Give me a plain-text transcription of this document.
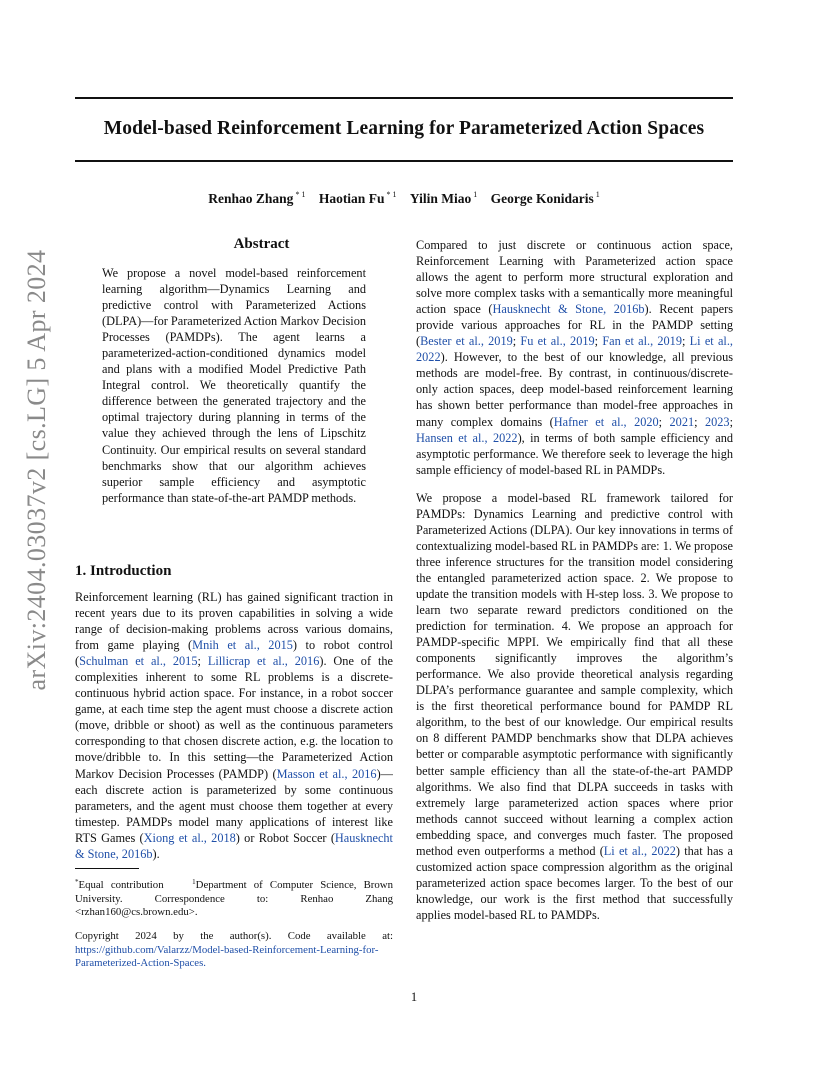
arXiv:2404.03037v2 [cs.LG] 5 Apr 2024
Model-based Reinforcement Learning for Parameterized Action Spaces
Renhao Zhang $^{* 1}$ Haotian Fu $^{* 1}$ Yilin Miao $^1$ George Konidaris $^1$
Abstract

We propose a novel model-based reinforcement learning algorithm—Dynamics Learning and predictive control with Parameterized Actions (DLPA)—for Parameterized Action Markov Decision Processes (PAMDPs). The agent learns a parameterized-action-conditioned dynamics model and plans with a modified Model Predictive Path Integral control. We theoretically quantify the difference between the generated trajectory and the optimal trajectory during planning in terms of the value they achieved through the lens of Lipschitz Continuity. Our empirical results on several standard benchmarks show that our algorithm achieves superior sample efficiency and asymptotic performance than state-of-the-art PAMDP methods.

1. Introduction

Reinforcement learning (RL) has gained significant traction in recent years due to its proven capabilities in solving a wide range of decision-making problems across various domains, from game playing (Mnih et al., 2015) to robot control (Schulman et al., 2015; Lillicrap et al., 2016). One of the complexities inherent to some RL problems is a discrete-continuous hybrid action space. For instance, in a robot soccer game, at each time step the agent must choose a discrete action (move, dribble or shoot) as well as the continuous parameters corresponding to that chosen discrete action, e.g. the location to move/dribble to. In this setting—the Parameterized Action Markov Decision Processes (PAMDP) (Masson et al., 2016)—each discrete action is parameterized by some continuous parameters, and the agent must choose them together at every timestep. PAMDPs model many applications of interest like RTS Games (Xiong et al., 2018) or Robot Soccer (Hausknecht & Stone, 2016b).

Compared to just discrete or continuous action space, Reinforcement Learning with Parameterized action space allows the agent to perform more structural exploration and solve more complex tasks with a semantically more meaningful action space (Hausknecht & Stone, 2016b). Recent papers provide various approaches for RL in the PAMDP setting (Bester et al., 2019; Fu et al., 2019; Fan et al., 2019; Li et al., 2022). However, to the best of our knowledge, all previous methods are model-free. By contrast, in continuous/discrete-only action spaces, deep model-based reinforcement learning has shown better performance than model-free approaches in many complex domains (Hafner et al., 2020; 2021; 2023; Hansen et al., 2022), in terms of both sample efficiency and asymptotic performance. We therefore seek to leverage the high sample efficiency of model-based RL in PAMDPs.

We propose a model-based RL framework tailored for PAMDPs: Dynamics Learning and predictive control with Parameterized Actions (DLPA). Our key innovations in terms of contextualizing model-based RL in PAMDPs are: 1. We propose three inference structures for the transition model considering the entangled parameterized action space. 2. We propose to update the transition models with H-step loss. 3. We propose to learn two separate reward predictors conditioned on the prediction for termination. 4. We propose an approach for PAMDP-specific MPPI. We empirically find that all these components significantly improves the algorithm’s performance. We also provide theoretical analysis regarding DLPA’s performance guarantee and sample complexity, which is the first theoretical performance bound for PAMDP RL algorithm, to the best of our knowledge. Our empirical results on 8 different PAMDP benchmarks show that DLPA achieves better or comparable asymptotic performance with significantly better sample efficiency than all the state-of-the-art PAMDP algorithms. We also find that DLPA succeeds in tasks with extremely large parameterized action spaces where prior methods cannot succeed without learning a complex action embedding space, and converges much faster. The proposed method even outperforms a method (Li et al., 2022) that has a customized action space compression algorithm as the original parameterized action space becomes larger. To the best of our knowledge, our work is the first method that successfully applies model-based RL to PAMDPs.

*Equal contribution	$^1$Department of Computer Science, Brown University.	Correspondence to: Renhao Zhang <rzhan160@cs.brown.edu>.
Copyright 2024 by the author(s). Code available at: https://github.com/Valarzz/Model-based-Reinforcement-Learning-for-Parameterized-Action-Spaces.
1
